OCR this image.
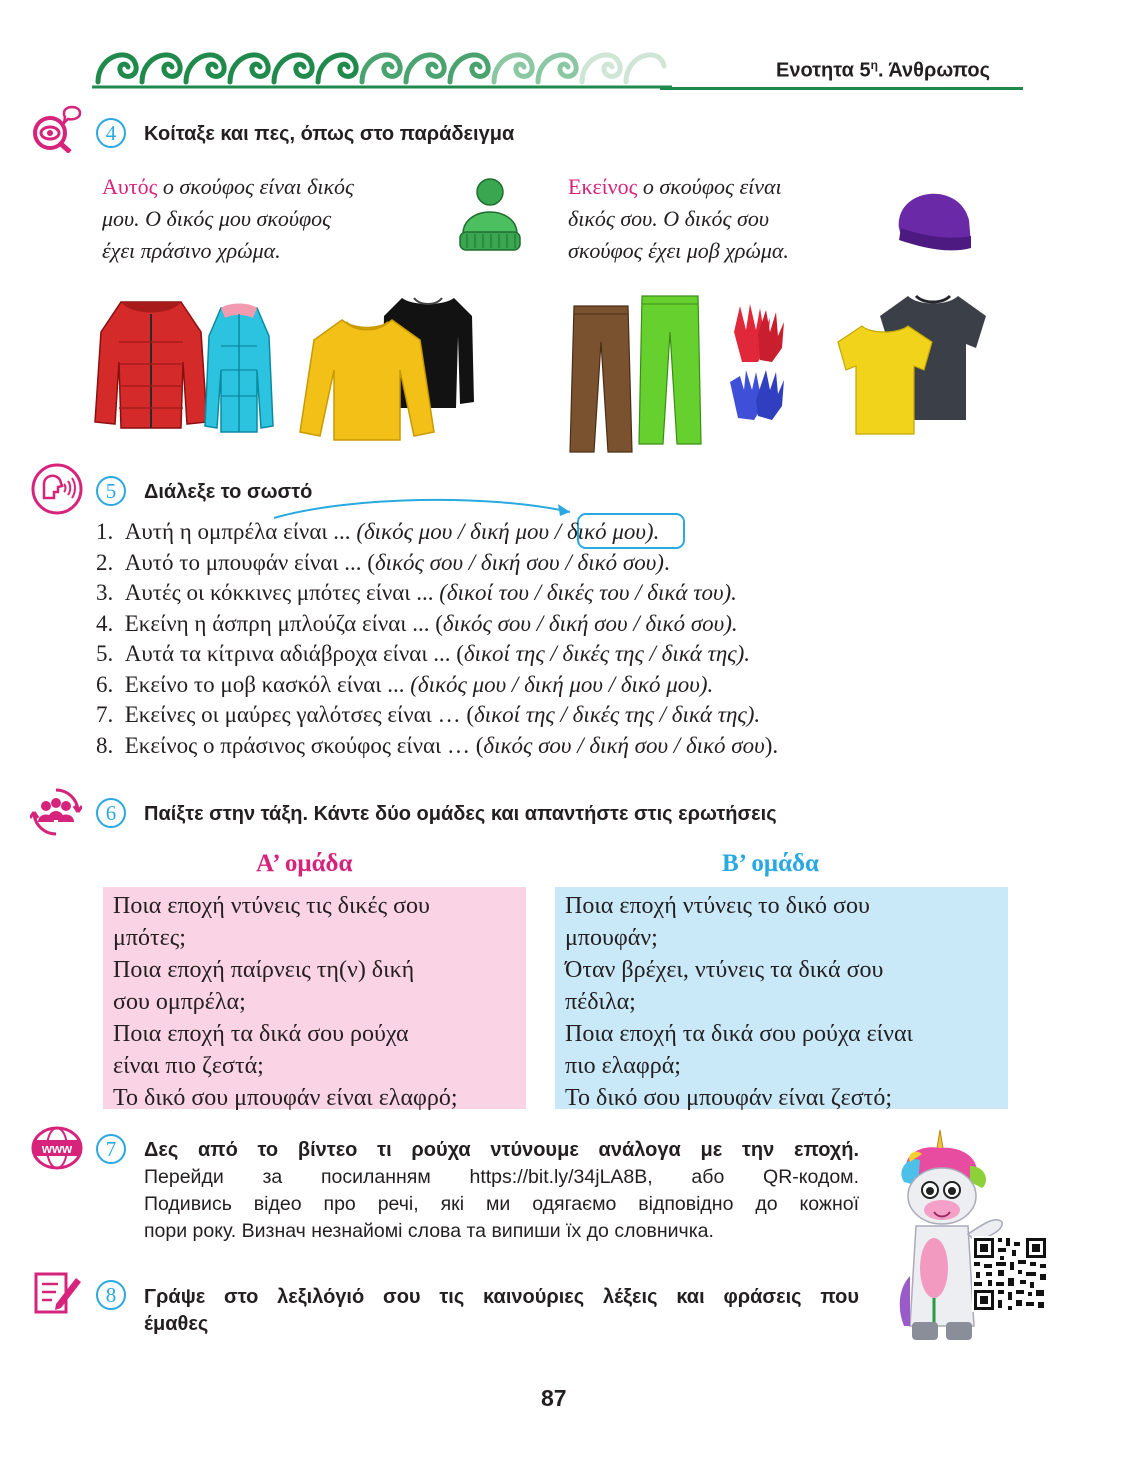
Ενοτητα $5^\eta$. Άνθρωπος
4	Κοίταξε και πες, όπως στο παράδειγμα
Αυτός ο σκούφος είναι δικός
μου. Ο δικός μου σκούφος
έχει πράσινο χρώμα.
Εκείνος ο σκούφος είναι
δικός σου. Ο δικός σου
σκούφος έχει μοβ χρώμα.
5	Διάλεξε το σωστό
1. Αυτή η ομπρέλα είναι ... (δικός μου / δική μου / δικό μου).
2. Αυτό το μπουφάν είναι ... (δικός σου / δική σου / δικό σου).
3. Αυτές οι κόκκινες μπότες είναι ... (δικοί του / δικές του / δικά του).
4. Εκείνη η άσπρη μπλούζα είναι ... (δικός σου / δική σου / δικό σου).
5. Αυτά τα κίτρινα αδιάβροχα είναι ... (δικοί της / δικές της / δικά της).
6. Εκείνο το μοβ κασκόλ είναι ... (δικός μου / δική μου / δικό μου).
7. Εκείνες οι μαύρες γαλότσες είναι … (δικοί της / δικές της / δικά της).
8. Εκείνος ο πράσινος σκούφος είναι … (δικός σου / δική σου / δικό σου).
6	Παίξτε στην τάξη. Κάντε δύο ομάδες και απαντήστε στις ερωτήσεις
Α’ ομάδα	Β’ ομάδα
Ποια εποχή ντύνεις τις δικές σου
μπότες;
Ποια εποχή παίρνεις τη(ν) δική
σου ομπρέλα;
Ποια εποχή τα δικά σου ρούχα
είναι πιο ζεστά;
Το δικό σου μπουφάν είναι ελαφρό;
Ποια εποχή ντύνεις το δικό σου
μπουφάν;
Όταν βρέχει, ντύνεις τα δικά σου
πέδιλα;
Ποια εποχή τα δικά σου ρούχα είναι
πιο ελαφρά;
Το δικό σου μπουφάν είναι ζεστό;
www	7	Δες από το βίντεο τι ρούχα ντύνουμε ανάλογα με την εποχή.
Перейди за посиланням https://bit.ly/34jLA8B, або QR-кодом.
Подивись відео про речі, які ми одягаємо відповідно до кожної
пори року. Визнач незнайомі слова та випиши їх до словничка.
8	Γράψε στο λεξιλόγιό σου τις καινούριες λέξεις και φράσεις που
έμαθες
87
